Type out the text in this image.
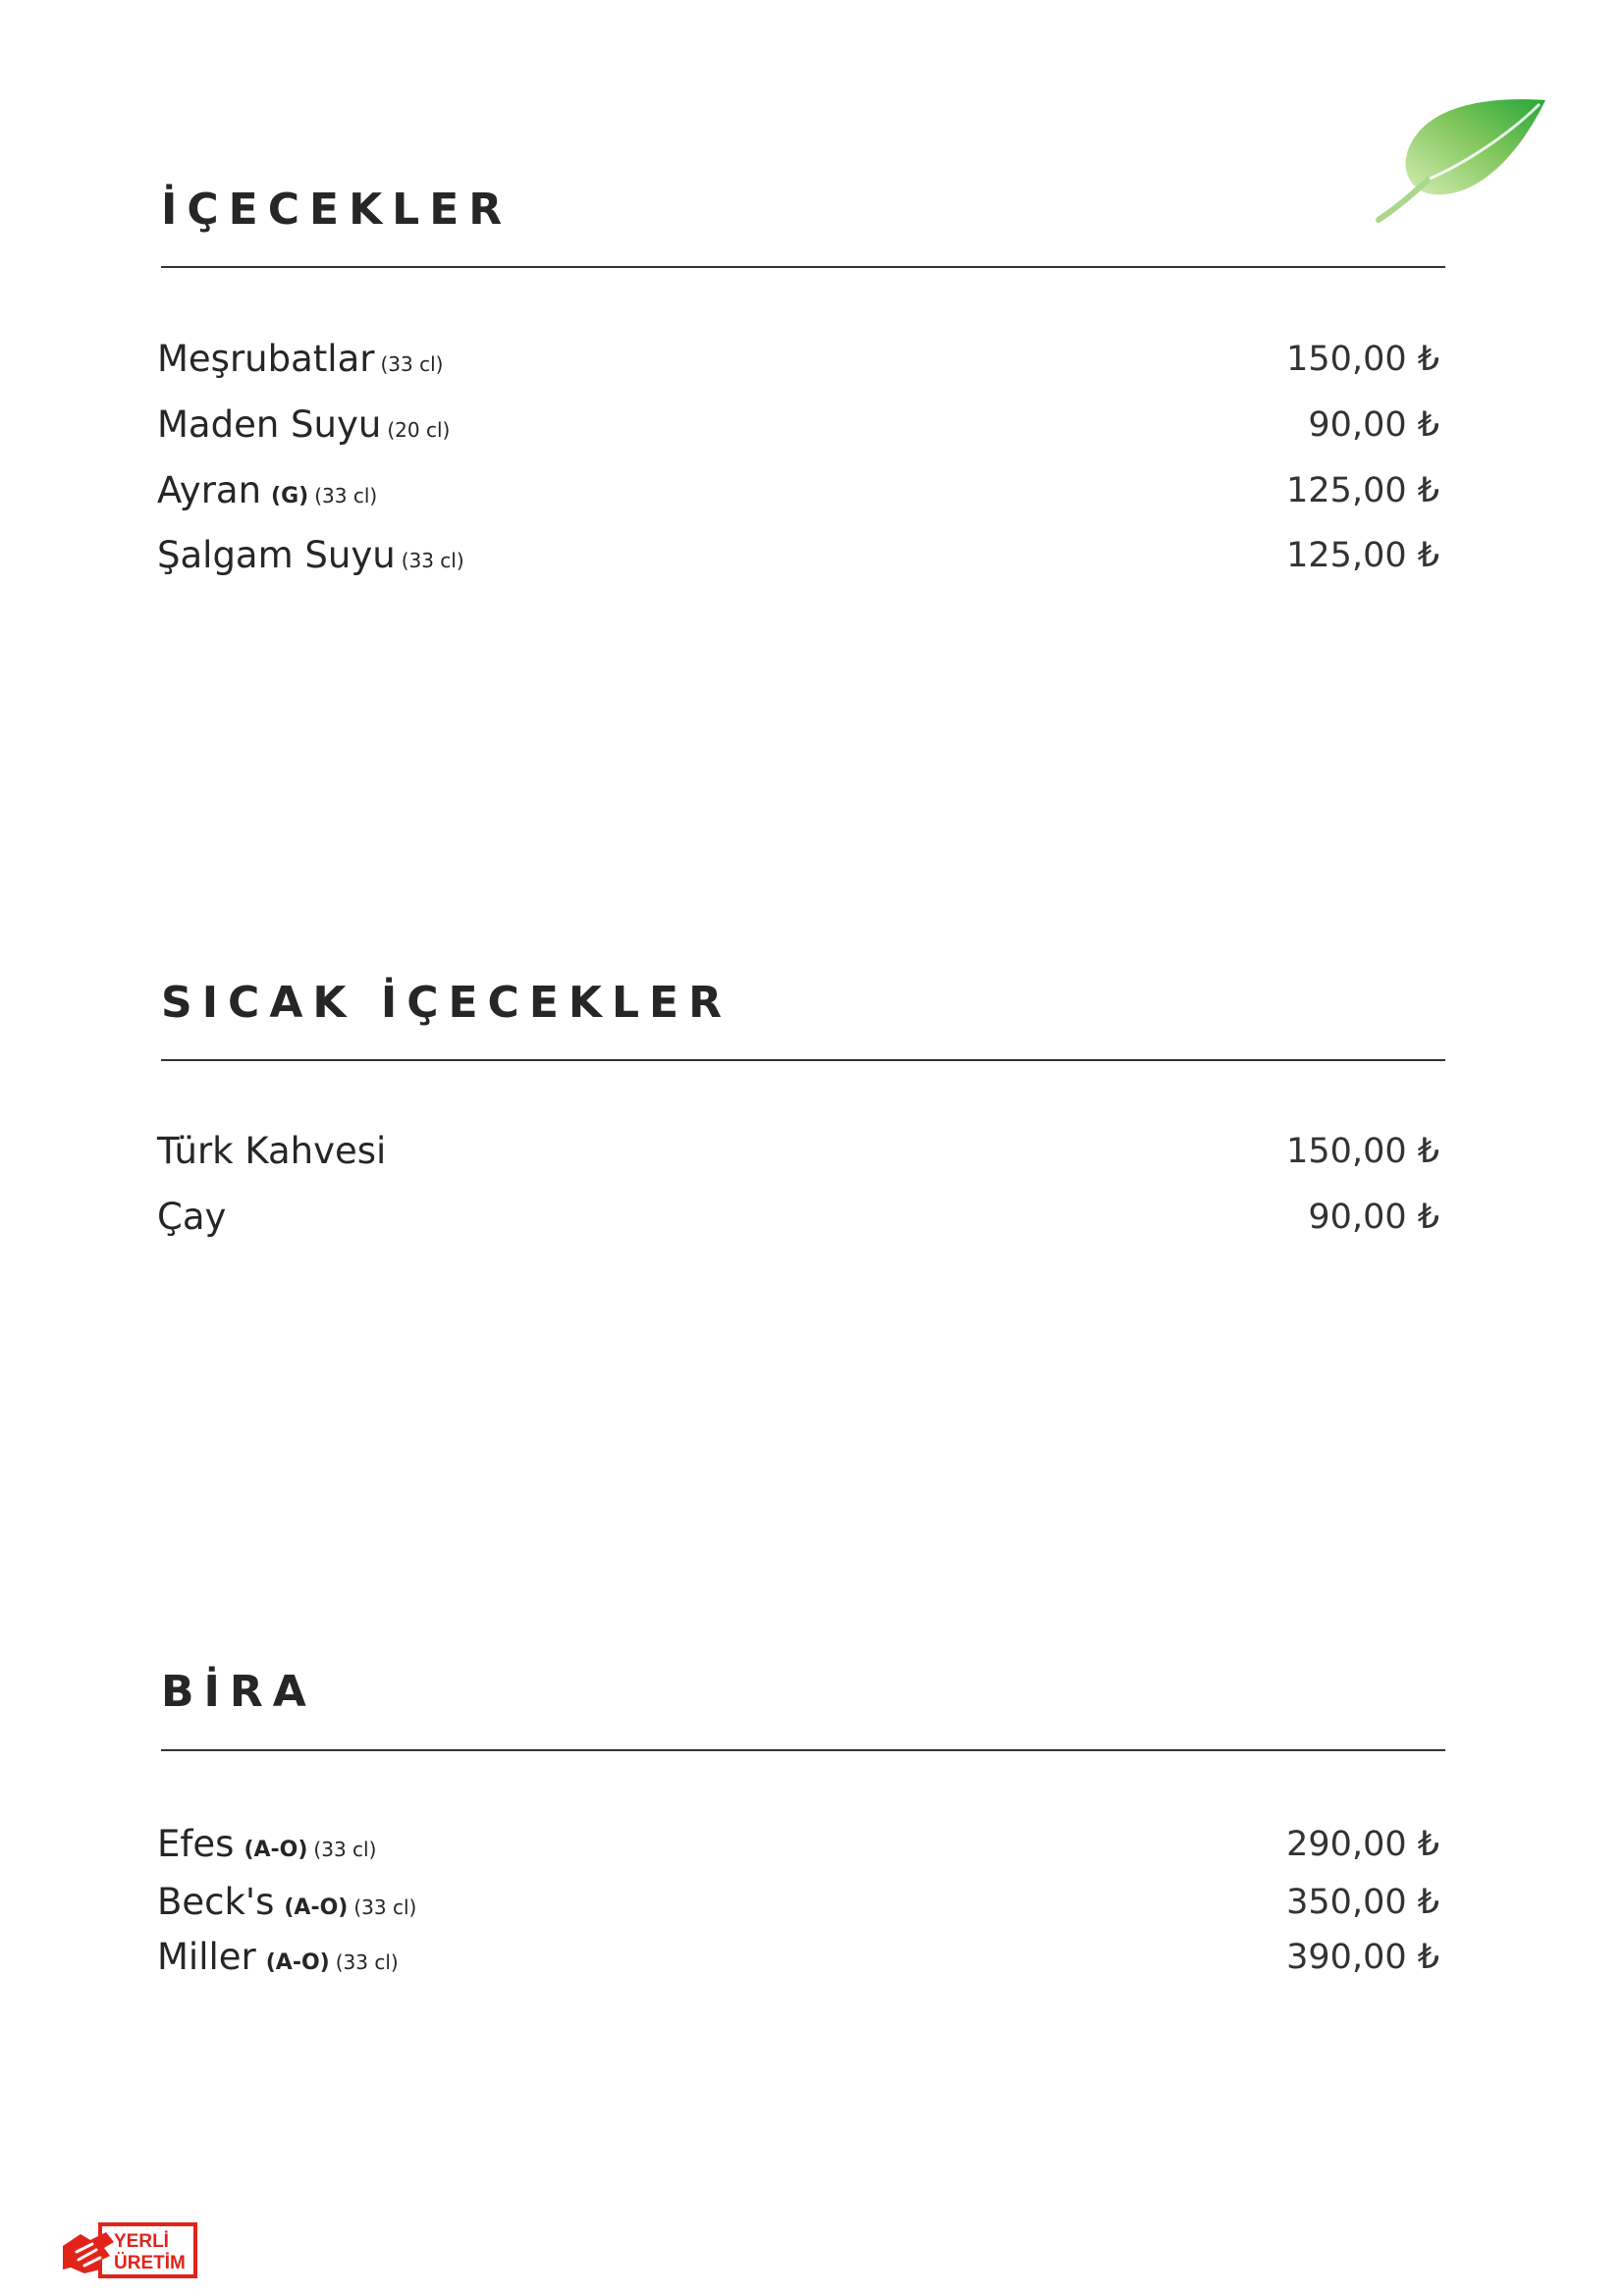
İÇECEKLER
Meşrubatlar (33 cl)	150,00 ₺
Maden Suyu (20 cl)	90,00 ₺
Ayran (G) (33 cl)	125,00 ₺
Şalgam Suyu (33 cl)	125,00 ₺
SICAK İÇECEKLER
Türk Kahvesi	150,00 ₺
Çay	90,00 ₺
BİRA
Efes (A-O) (33 cl)	290,00 ₺
Beck's (A-O) (33 cl)	350,00 ₺
Miller (A-O) (33 cl)	390,00 ₺
YERLİ
ÜRETİM
